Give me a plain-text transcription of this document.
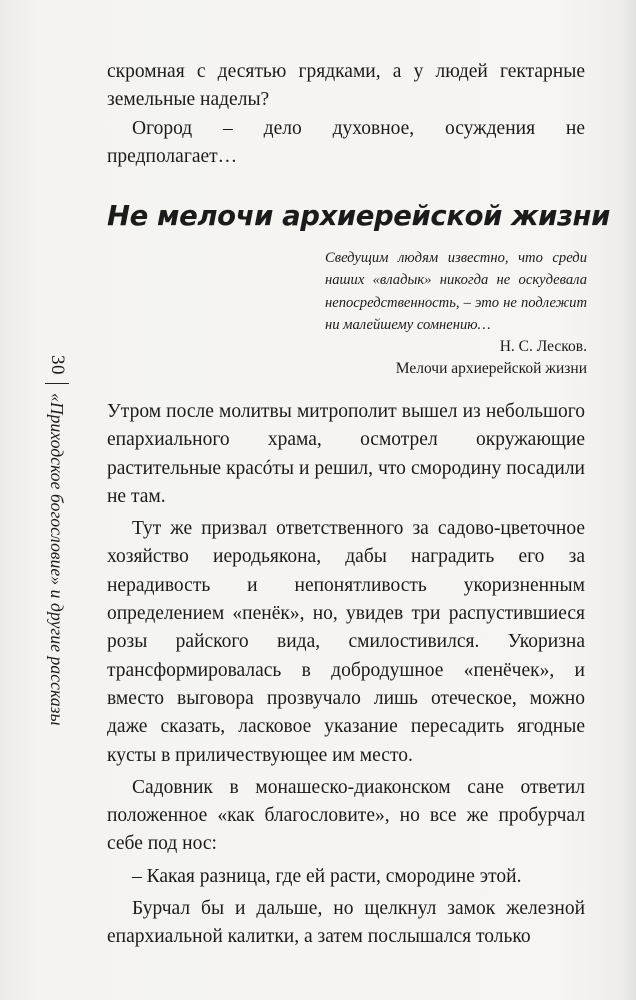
30
«Приходское богословие» и другие рассказы

скромная с десятью грядками, а у людей гектарные земельные наделы?

Огород – дело духовное, осуждения не предполагает…

Не мелочи архиерейской жизни

Сведущим людям известно, что среди наших «владык» никогда не оскудевала непосредственность, – это не подлежит ни малейшему сомнению…

Н. С. Лесков.
Мелочи архиерейской жизни

Утром после молитвы митрополит вышел из небольшого епархиального храма, осмотрел окружающие растительные красóты и решил, что смородину посадили не там.

Тут же призвал ответственного за садово-цветочное хозяйство иеродьякона, дабы наградить его за нерадивость и непонятливость укоризненным определением «пенёк», но, увидев три распустившиеся розы райского вида, смилостивился. Укоризна трансформировалась в добродушное «пенёчек», и вместо выговора прозвучало лишь отеческое, можно даже сказать, ласковое указание пересадить ягодные кусты в приличествующее им место.

Садовник в монашеско-диаконском сане ответил положенное «как благословите», но все же пробурчал себе под нос:

– Какая разница, где ей расти, смородине этой.

Бурчал бы и дальше, но щелкнул замок железной епархиальной калитки, а затем послышался только
